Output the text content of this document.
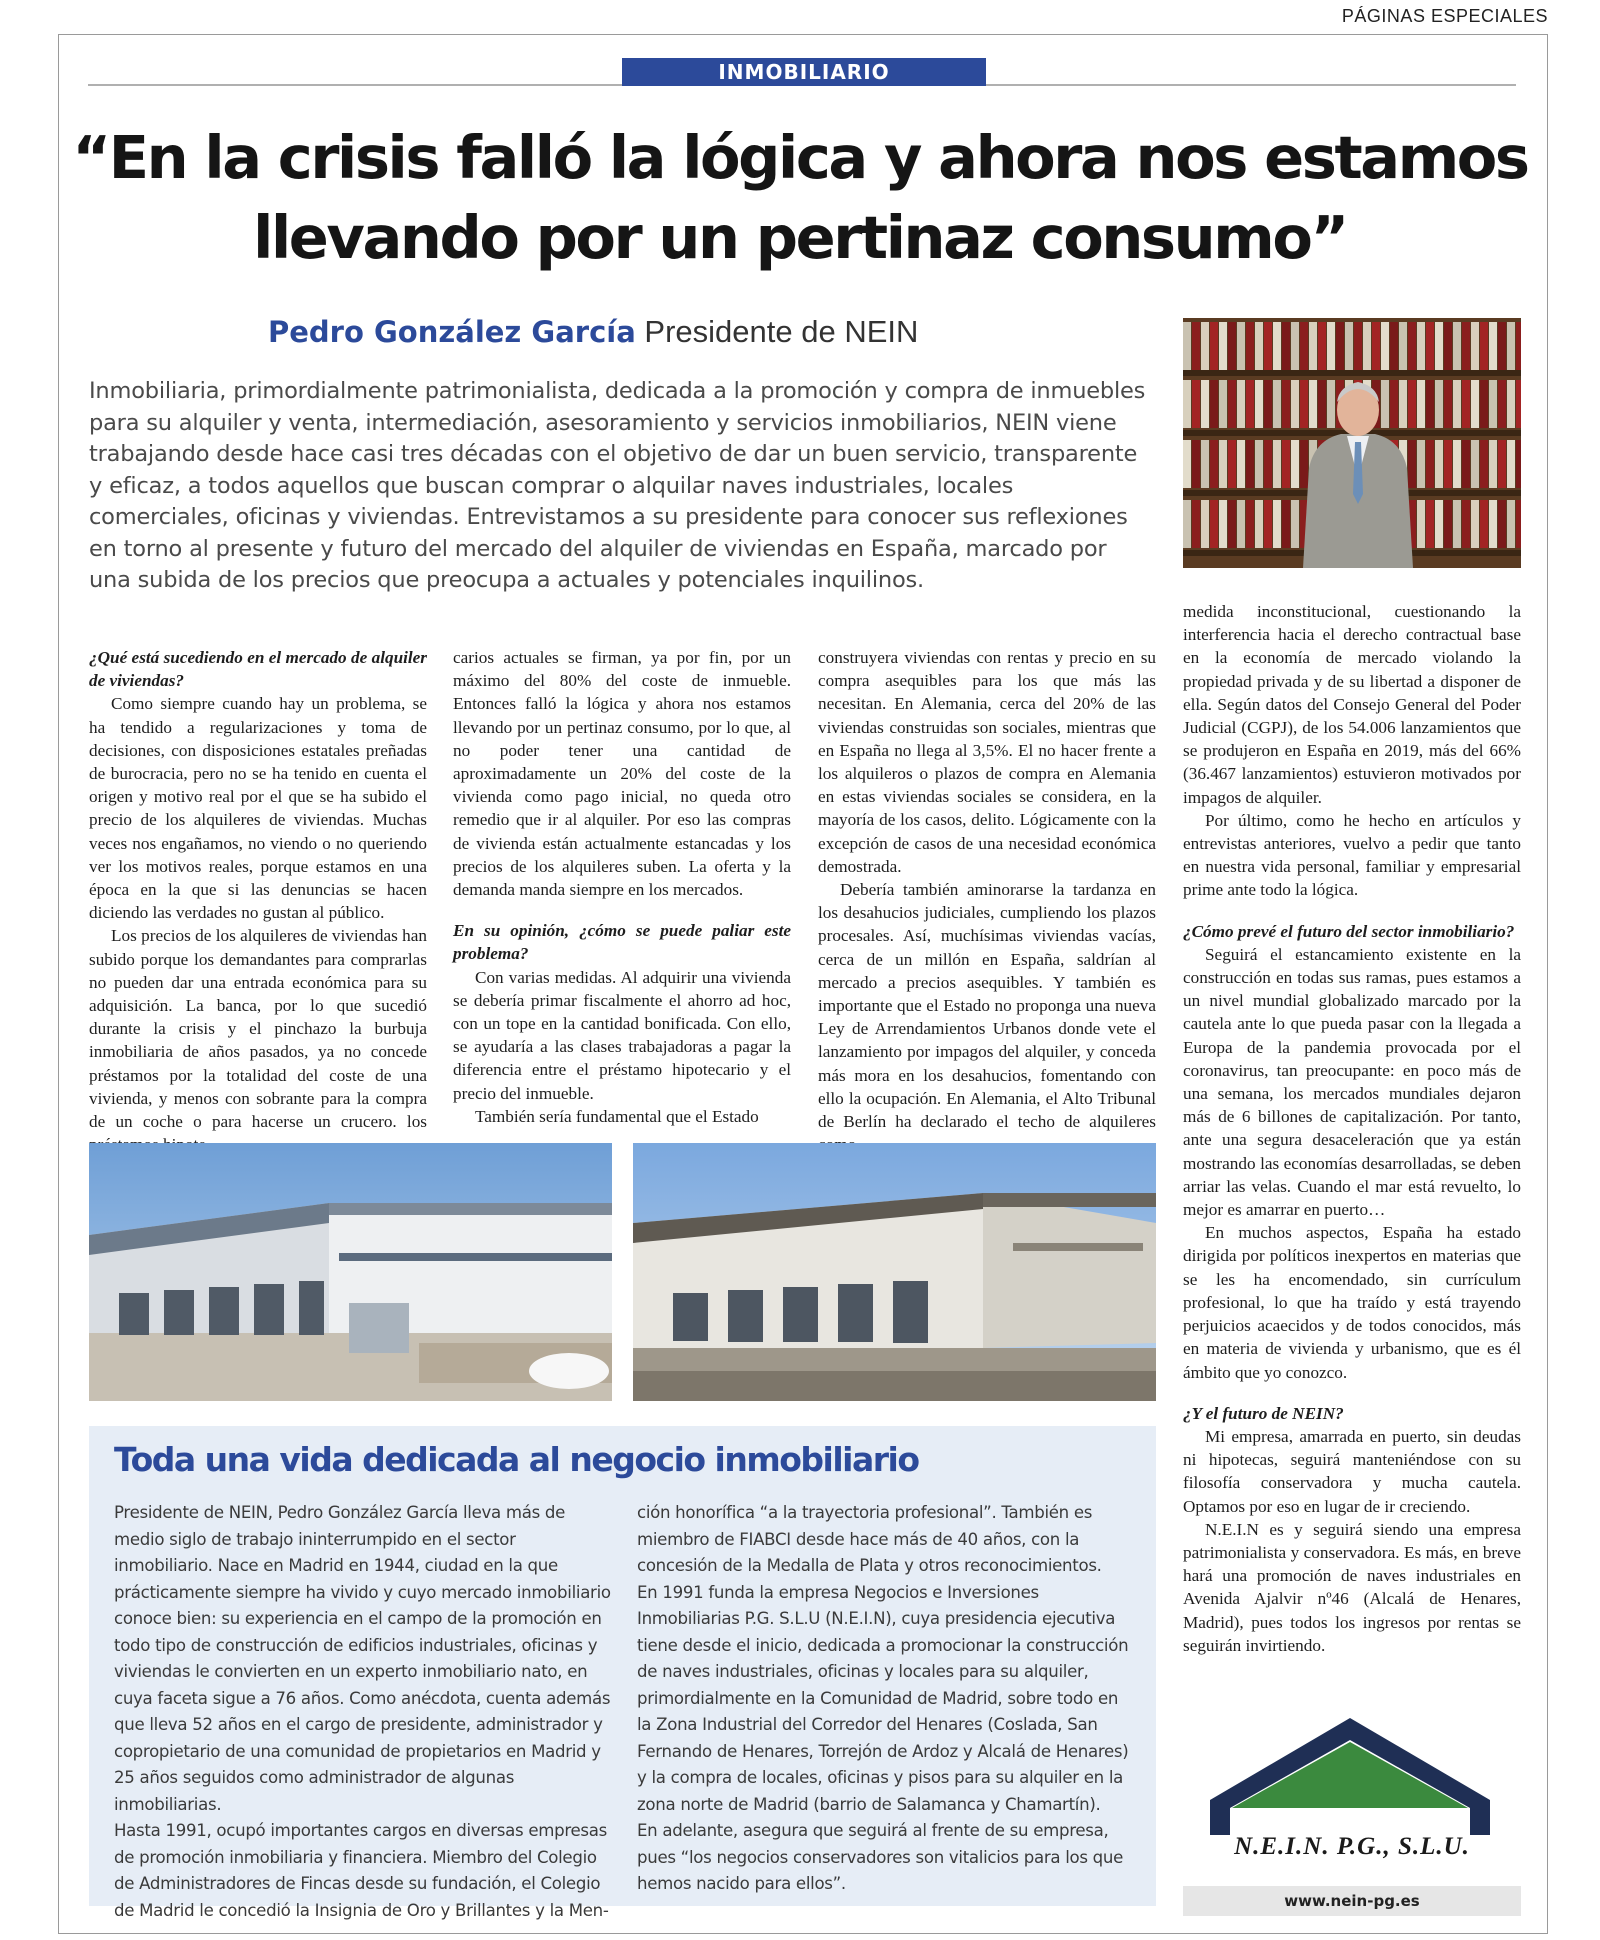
PÁGINAS ESPECIALES
INMOBILIARIO
“En la crisis falló la lógica y ahora nos estamos
llevando por un pertinaz consumo”
Pedro González García Presidente de NEIN

Inmobiliaria, primordialmente patrimonialista, dedicada a la promoción y compra de inmuebles para su alquiler y venta, intermediación, asesoramiento y servicios inmobiliarios, NEIN viene trabajando desde hace casi tres décadas con el objetivo de dar un buen servicio, transparente y eficaz, a todos aquellos que buscan comprar o alquilar naves industriales, locales comerciales, oficinas y viviendas. Entrevistamos a su presidente para conocer sus reflexiones en torno al presente y futuro del mercado del alquiler de viviendas en España, marcado por una subida de los precios que preocupa a actuales y potenciales inquilinos.

¿Qué está sucediendo en el mercado de alquiler de viviendas?

Como siempre cuando hay un problema, se ha tendido a regularizaciones y toma de decisiones, con disposiciones estatales preñadas de burocracia, pero no se ha tenido en cuenta el origen y motivo real por el que se ha subido el precio de los alquileres de viviendas. Muchas veces nos engañamos, no viendo o no queriendo ver los motivos reales, porque estamos en una época en la que si las denuncias se hacen diciendo las verdades no gustan al público.

Los precios de los alquileres de viviendas han subido porque los demandantes para comprarlas no pueden dar una entrada económica para su adquisición. La banca, por lo que sucedió durante la crisis y el pinchazo la burbuja inmobiliaria de años pasados, ya no concede préstamos por la totalidad del coste de una vivienda, y menos con sobrante para la compra de un coche o para hacerse un crucero. los

carios actuales se firman, ya por fin, por un máximo del 80% del coste de inmueble. Entonces falló la lógica y ahora nos estamos llevando por un pertinaz consumo, por lo que, al no poder tener una cantidad de aproximadamente un 20% del coste de la vivienda como pago inicial, no queda otro remedio que ir al alquiler. Por eso las compras de vivienda están actualmente estancadas y los precios de los alquileres suben. La oferta y la demanda manda siempre en los mercados.

En su opinión, ¿cómo se puede paliar este problema?

Con varias medidas. Al adquirir una vivienda se debería primar fiscalmente el ahorro ad hoc, con un tope en la cantidad bonificada. Con ello, se ayudaría a las clases trabajadoras a pagar la diferencia entre el préstamo hipotecario y el precio del inmueble.

También sería fundamental que el Estado

construyera viviendas con rentas y precio en su compra asequibles para los que más las necesitan. En Alemania, cerca del 20% de las viviendas construidas son sociales, mientras que en España no llega al 3,5%. El no hacer frente a los alquileros o plazos de compra en Alemania en estas viviendas sociales se considera, en la mayoría de los casos, delito. Lógicamente con la excepción de casos de una necesidad económica demostrada.

Debería también aminorarse la tardanza en los desahucios judiciales, cumpliendo los plazos procesales. Así, muchísimas viviendas vacías, cerca de un millón en España, saldrían al mercado a precios asequibles. Y también es importante que el Estado no proponga una nueva Ley de Arrendamientos Urbanos donde vete el lanzamiento por impagos del alquiler, y conceda más mora en los desahucios, fomentando con ello la ocupación. En Alemania, el Alto Tribunal de Berlín ha declarado el techo de alquileres

medida inconstitucional, cuestionando la interferencia hacia el derecho contractual base en la economía de mercado violando la propiedad privada y de su libertad a disponer de ella. Según datos del Consejo General del Poder Judicial (CGPJ), de los 54.006 lanzamientos que se produjeron en España en 2019, más del 66% (36.467 lanzamientos) estuvieron motivados por impagos de alquiler.

Por último, como he hecho en artículos y entrevistas anteriores, vuelvo a pedir que tanto en nuestra vida personal, familiar y empresarial prime ante todo la lógica.

¿Cómo prevé el futuro del sector inmobiliario?

Seguirá el estancamiento existente en la construcción en todas sus ramas, pues estamos a un nivel mundial globalizado marcado por la cautela ante lo que pueda pasar con la llegada a Europa de la pandemia provocada por el coronavirus, tan preocupante: en poco más de una semana, los mercados mundiales dejaron más de 6 billones de capitalización. Por tanto, ante una segura desaceleración que ya están mostrando las economías desarrolladas, se deben arriar las velas. Cuando el mar está revuelto, lo mejor es amarrar en puerto…

En muchos aspectos, España ha estado dirigida por políticos inexpertos en materias que se les ha encomendado, sin currículum profesional, lo que ha traído y está trayendo perjuicios acaecidos y de todos conocidos, más en materia de vivienda y urbanismo, que es él ámbito que yo conozco.

¿Y el futuro de NEIN?

Mi empresa, amarrada en puerto, sin deudas ni hipotecas, seguirá manteniéndose con su filosofía conservadora y mucha cautela. Optamos por eso en lugar de ir creciendo.

N.E.I.N es y seguirá siendo una empresa patrimonialista y conservadora. Es más, en breve hará una promoción de naves industriales en Avenida Ajalvir nº46 (Alcalá de Henares, Madrid), pues todos los ingresos por rentas se seguirán invirtiendo.

Toda una vida dedicada al negocio inmobiliario

Presidente de NEIN, Pedro González García lleva más de medio siglo de trabajo ininterrumpido en el sector inmobiliario. Nace en Madrid en 1944, ciudad en la que prácticamente siempre ha vivido y cuyo mercado inmobiliario conoce bien: su experiencia en el campo de la promoción en todo tipo de construcción de edificios industriales, oficinas y viviendas le convierten en un experto inmobiliario nato, en cuya faceta sigue a 76 años. Como anécdota, cuenta además que lleva 52 años en el cargo de presidente, administrador y copropietario de una comunidad de propietarios en Madrid y 25 años seguidos como administrador de algunas inmobiliarias.

Hasta 1991, ocupó importantes cargos en diversas empresas de promoción inmobiliaria y financiera. Miembro del Colegio de Administradores de Fincas desde su fundación, el Colegio de Madrid le concedió la Insignia de Oro y Brillantes y la Men-

ción honorífica “a la trayectoria profesional”. También es miembro de FIABCI desde hace más de 40 años, con la concesión de la Medalla de Plata y otros reconocimientos.

En 1991 funda la empresa Negocios e Inversiones Inmobiliarias P.G. S.L.U (N.E.I.N), cuya presidencia ejecutiva tiene desde el inicio, dedicada a promocionar la construcción de naves industriales, oficinas y locales para su alquiler, primordialmente en la Comunidad de Madrid, sobre todo en la Zona Industrial del Corredor del Henares (Coslada, San Fernando de Henares, Torrejón de Ardoz y Alcalá de Henares) y la compra de locales, oficinas y pisos para su alquiler en la zona norte de Madrid (barrio de Salamanca y Chamartín).

En adelante, asegura que seguirá al frente de su empresa, pues “los negocios conservadores son vitalicios para los que hemos nacido para ellos”.

N.E.I.N. P.G., S.L.U.
www.nein-pg.es
